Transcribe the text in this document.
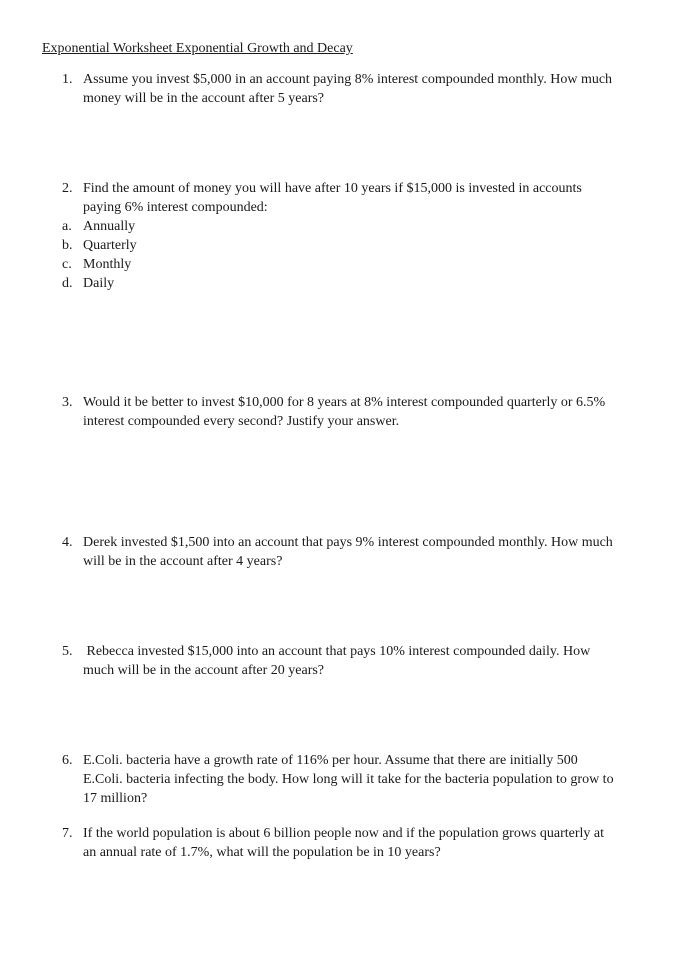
Exponential Worksheet Exponential Growth and Decay
1. Assume you invest $5,000 in an account paying 8% interest compounded monthly. How much
money will be in the account after 5 years?
2. Find the amount of money you will have after 10 years if $15,000 is invested in accounts
paying 6% interest compounded:
a. Annually
b. Quarterly
c. Monthly
d. Daily
3. Would it be better to invest $10,000 for 8 years at 8% interest compounded quarterly or 6.5%
interest compounded every second? Justify your answer.
4. Derek invested $1,500 into an account that pays 9% interest compounded monthly. How much
will be in the account after 4 years?
5. Rebecca invested $15,000 into an account that pays 10% interest compounded daily. How
much will be in the account after 20 years?
6. E.Coli. bacteria have a growth rate of 116% per hour. Assume that there are initially 500
E.Coli. bacteria infecting the body. How long will it take for the bacteria population to grow to
17 million?
7. If the world population is about 6 billion people now and if the population grows quarterly at
an annual rate of 1.7%, what will the population be in 10 years?
